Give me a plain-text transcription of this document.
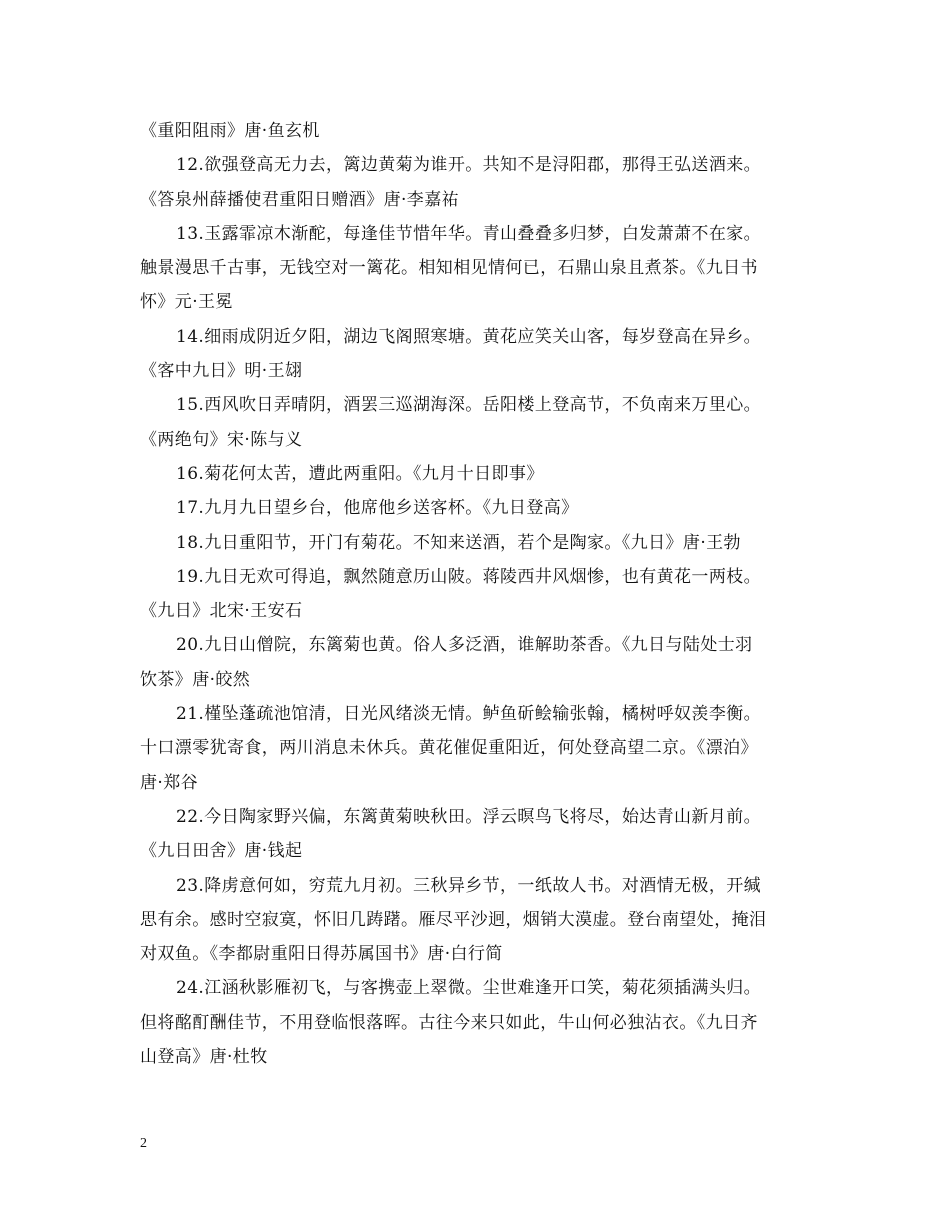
《重阳阻雨》唐·鱼玄机
12.欲强登高无力去，篱边黄菊为谁开。共知不是浔阳郡，那得王弘送酒来。
《答泉州薛播使君重阳日赠酒》唐·李嘉祐
13.玉露霏凉木渐酡，每逢佳节惜年华。青山叠叠多归梦，白发萧萧不在家。
触景漫思千古事，无钱空对一篱花。相知相见情何已，石鼎山泉且煮茶。《九日书
怀》元·王冕
14.细雨成阴近夕阳，湖边飞阁照寒塘。黄花应笑关山客，每岁登高在异乡。
《客中九日》明·王翃
15.西风吹日弄晴阴，酒罢三巡湖海深。岳阳楼上登高节，不负南来万里心。
《两绝句》宋·陈与义
16.菊花何太苦，遭此两重阳。《九月十日即事》
17.九月九日望乡台，他席他乡送客杯。《九日登高》
18.九日重阳节，开门有菊花。不知来送酒，若个是陶家。《九日》唐·王勃
19.九日无欢可得追，飘然随意历山陂。蒋陵西井风烟惨，也有黄花一两枝。
《九日》北宋·王安石
20.九日山僧院，东篱菊也黄。俗人多泛酒，谁解助茶香。《九日与陆处士羽
饮茶》唐·皎然
21.槿坠蓬疏池馆清，日光风绪淡无情。鲈鱼斫鲙输张翰，橘树呼奴羡李衡。
十口漂零犹寄食，两川消息未休兵。黄花催促重阳近，何处登高望二京。《漂泊》
唐·郑谷
22.今日陶家野兴偏，东篱黄菊映秋田。浮云暝鸟飞将尽，始达青山新月前。
《九日田舍》唐·钱起
23.降虏意何如，穷荒九月初。三秋异乡节，一纸故人书。对酒情无极，开缄
思有余。感时空寂寞，怀旧几踌躇。雁尽平沙迥，烟销大漠虚。登台南望处，掩泪
对双鱼。《李都尉重阳日得苏属国书》唐·白行简
24.江涵秋影雁初飞，与客携壶上翠微。尘世难逢开口笑，菊花须插满头归。
但将酩酊酬佳节，不用登临恨落晖。古往今来只如此，牛山何必独沾衣。《九日齐
山登高》唐·杜牧
2
